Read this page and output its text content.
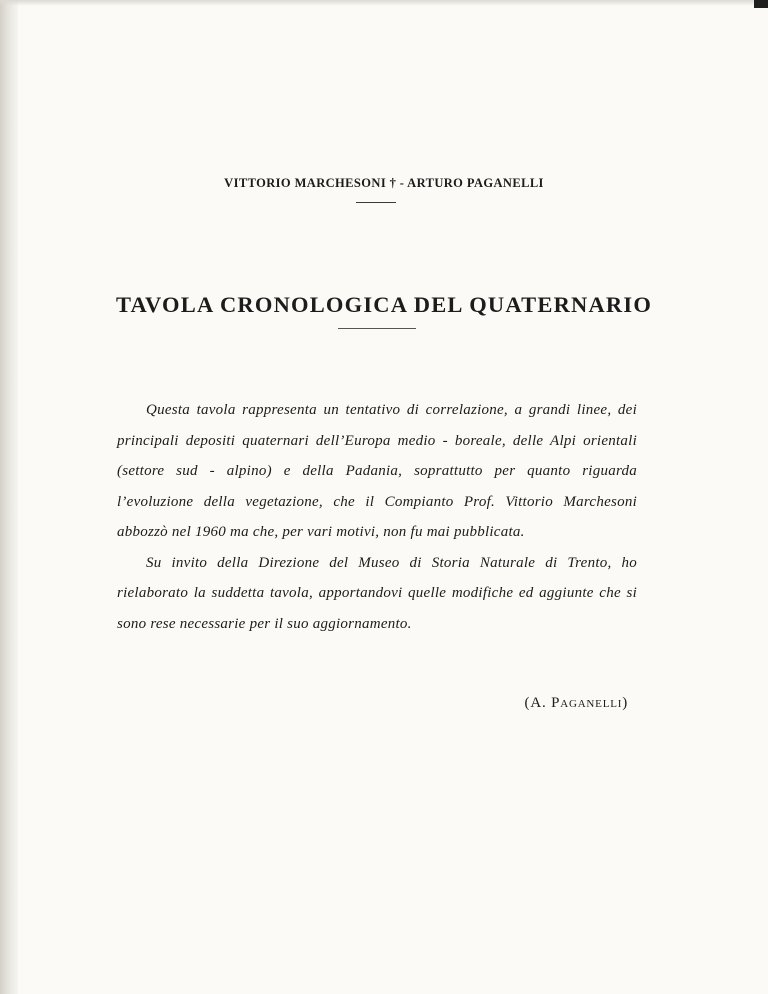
VITTORIO MARCHESONI † - ARTURO PAGANELLI
TAVOLA CRONOLOGICA DEL QUATERNARIO

Questa tavola rappresenta un tentativo di correlazione, a grandi linee, dei principali depositi quaternari dell’Europa medio - boreale, delle Alpi orientali (settore sud - alpino) e della Padania, soprattutto per quanto riguarda l’evoluzione della vegetazione, che il Compianto Prof. Vittorio Marchesoni abbozzò nel 1960 ma che, per vari motivi, non fu mai pubblicata.

Su invito della Direzione del Museo di Storia Naturale di Trento, ho rielaborato la suddetta tavola, apportandovi quelle modifiche ed aggiunte che si sono rese necessarie per il suo aggiornamento.

(A. Paganelli)
